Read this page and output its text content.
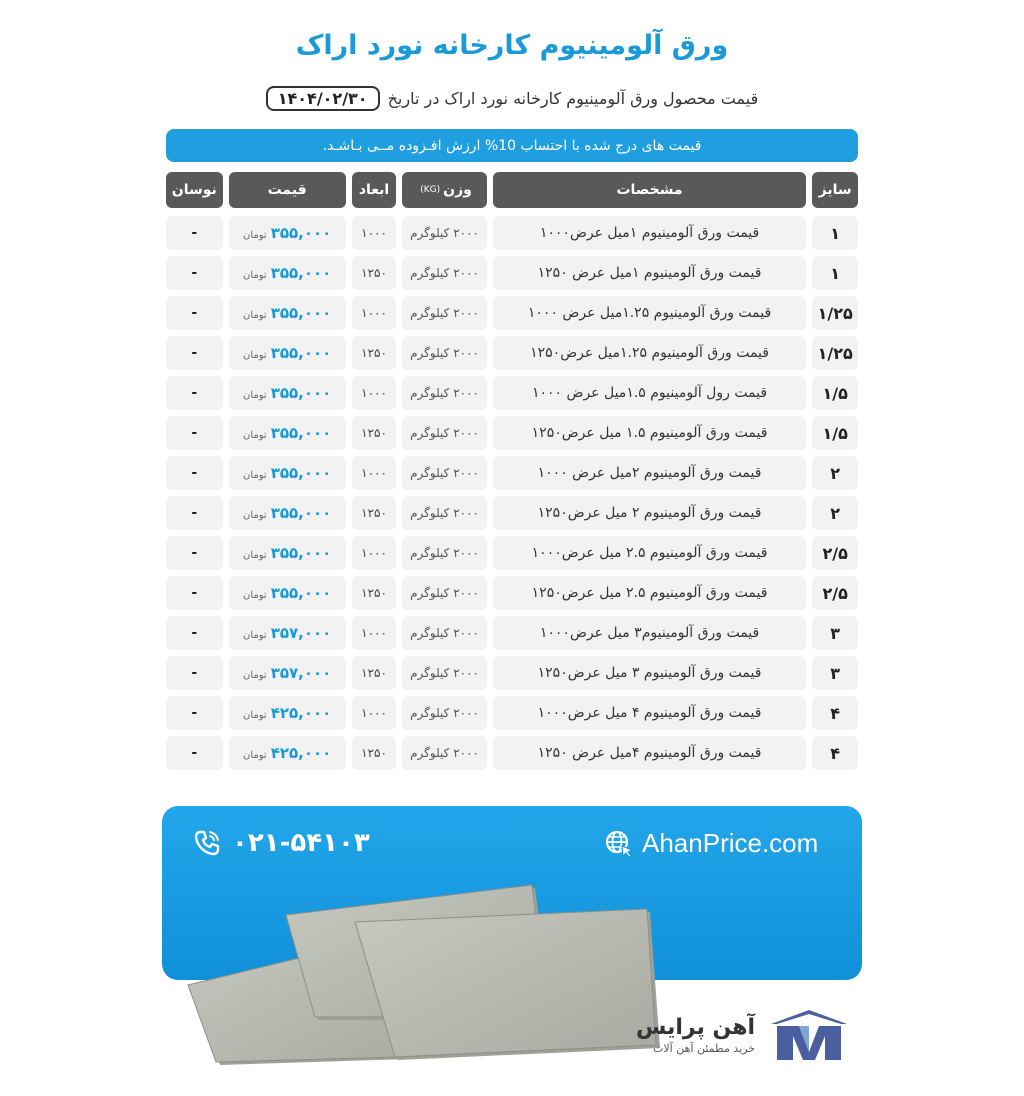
ورق آلومینیوم کارخانه نورد اراک
قیمت محصول ورق آلومینیوم کارخانه نورد اراک در تاریخ
۱۴۰۴/۰۲/۳۰
قیمت های درج شده با احتساب 10% ارزش افـزوده مــی بـاشـد.
سایز
مشخصات
وزن
(KG)
ابعاد
قیمت
نوسان
۱
قیمت ورق آلومینیوم ۱میل عرض۱۰۰۰
۲۰۰۰ کیلوگرم
۱۰۰۰
۳۵۵,۰۰۰
تومان
-
۱
قیمت ورق آلومینیوم ۱میل عرض ۱۲۵۰
۲۰۰۰ کیلوگرم
۱۲۵۰
۳۵۵,۰۰۰
تومان
-
۱/۲۵
قیمت ورق آلومینیوم ۱.۲۵میل عرض ۱۰۰۰
۲۰۰۰ کیلوگرم
۱۰۰۰
۳۵۵,۰۰۰
تومان
-
۱/۲۵
قیمت ورق آلومینیوم ۱.۲۵میل عرض۱۲۵۰
۲۰۰۰ کیلوگرم
۱۲۵۰
۳۵۵,۰۰۰
تومان
-
۱/۵
قیمت رول آلومینیوم ۱.۵میل عرض ۱۰۰۰
۲۰۰۰ کیلوگرم
۱۰۰۰
۳۵۵,۰۰۰
تومان
-
۱/۵
قیمت ورق آلومینیوم ۱.۵ میل عرض۱۲۵۰
۲۰۰۰ کیلوگرم
۱۲۵۰
۳۵۵,۰۰۰
تومان
-
۲
قیمت ورق آلومینیوم ۲میل عرض ۱۰۰۰
۲۰۰۰ کیلوگرم
۱۰۰۰
۳۵۵,۰۰۰
تومان
-
۲
قیمت ورق آلومینیوم ۲ میل عرض۱۲۵۰
۲۰۰۰ کیلوگرم
۱۲۵۰
۳۵۵,۰۰۰
تومان
-
۲/۵
قیمت ورق آلومینیوم ۲.۵ میل عرض۱۰۰۰
۲۰۰۰ کیلوگرم
۱۰۰۰
۳۵۵,۰۰۰
تومان
-
۲/۵
قیمت ورق آلومینیوم ۲.۵ میل عرض۱۲۵۰
۲۰۰۰ کیلوگرم
۱۲۵۰
۳۵۵,۰۰۰
تومان
-
۳
قیمت ورق آلومینیوم۳ میل عرض۱۰۰۰
۲۰۰۰ کیلوگرم
۱۰۰۰
۳۵۷,۰۰۰
تومان
-
۳
قیمت ورق آلومینیوم ۳ میل عرض۱۲۵۰
۲۰۰۰ کیلوگرم
۱۲۵۰
۳۵۷,۰۰۰
تومان
-
۴
قیمت ورق آلومینیوم ۴ میل عرض۱۰۰۰
۲۰۰۰ کیلوگرم
۱۰۰۰
۴۲۵,۰۰۰
تومان
-
۴
قیمت ورق آلومینیوم ۴میل عرض ۱۲۵۰
۲۰۰۰ کیلوگرم
۱۲۵۰
۴۲۵,۰۰۰
تومان
-
۰۲۱-۵۴۱۰۳	AhanPrice.com
آهن پرایس
خرید مطمئن آهن آلات
